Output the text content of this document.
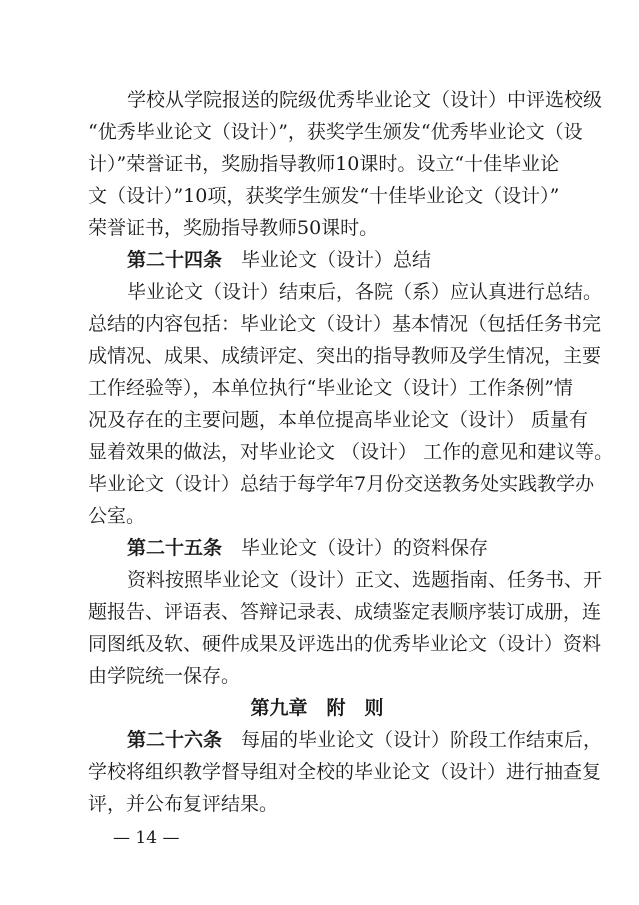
学校从学院报送的院级优秀毕业论文（设计）中评选校级
“优秀毕业论文（设计）”，获奖学生颁发“优秀毕业论文（设
计）”荣誉证书，奖励指导教师10课时。设立“十佳毕业论
文（设计）”10项，获奖学生颁发“十佳毕业论文（设计）”
荣誉证书，奖励指导教师50课时。
第二十四条　 毕业论文（设计）总结
毕业论文（设计）结束后，各院（系）应认真进行总结。
总结的内容包括：毕业论文（设计）基本情况（包括任务书完
成情况、成果、成绩评定、突出的指导教师及学生情况，主要
工作经验等），本单位执行“毕业论文（设计）工作条例”情
况及存在的主要问题，本单位提高毕业论文（设计） 质量有
显着效果的做法，对毕业论文 （设计） 工作的意见和建议等。
毕业论文（设计）总结于每学年7月份交送教务处实践教学办
公室。
第二十五条　 毕业论文（设计）的资料保存
资料按照毕业论文（设计）正文、选题指南、任务书、开
题报告、评语表、答辩记录表、成绩鉴定表顺序装订成册，连
同图纸及软、硬件成果及评选出的优秀毕业论文（设计）资料
由学院统一保存。
第九章　附　则
第二十六条　 每届的毕业论文（设计）阶段工作结束后，
学校将组织教学督导组对全校的毕业论文（设计）进行抽查复
评，并公布复评结果。
— 14 —
